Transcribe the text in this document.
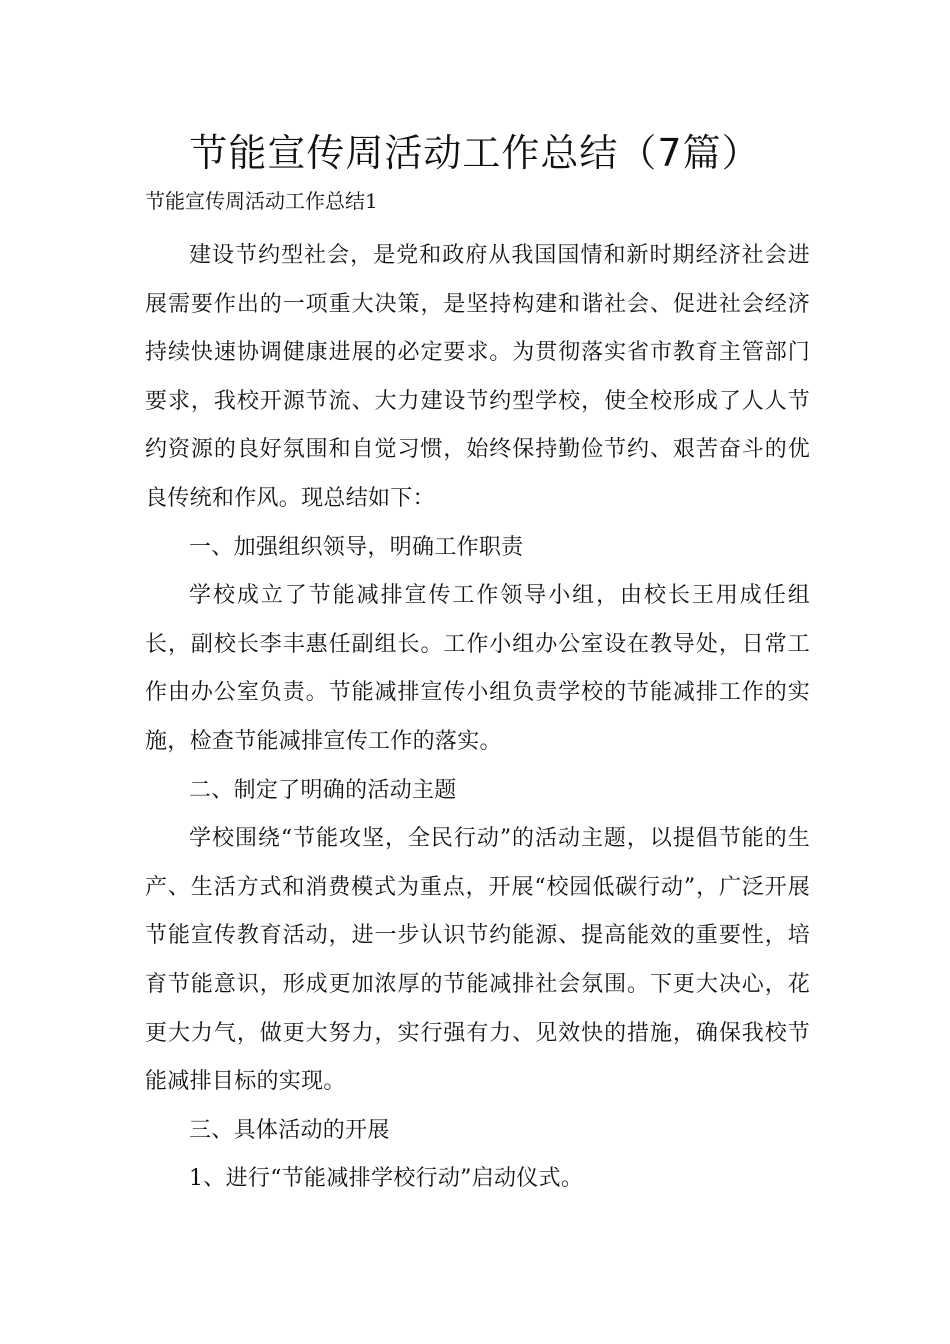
节能宣传周活动工作总结（7篇）

节能宣传周活动工作总结1

建设节约型社会，是党和政府从我国国情和新时期经济社会进展需要作出的一项重大决策，是坚持构建和谐社会、促进社会经济持续快速协调健康进展的必定要求。为贯彻落实省市教育主管部门要求，我校开源节流、大力建设节约型学校，使全校形成了人人节约资源的良好氛围和自觉习惯，始终保持勤俭节约、艰苦奋斗的优良传统和作风。现总结如下：

一、加强组织领导，明确工作职责

学校成立了节能减排宣传工作领导小组，由校长王用成任组长，副校长李丰惠任副组长。工作小组办公室设在教导处，日常工作由办公室负责。节能减排宣传小组负责学校的节能减排工作的实施，检查节能减排宣传工作的落实。

二、制定了明确的活动主题

学校围绕“节能攻坚，全民行动”的活动主题，以提倡节能的生产、生活方式和消费模式为重点，开展“校园低碳行动”，广泛开展节能宣传教育活动，进一步认识节约能源、提高能效的重要性，培育节能意识，形成更加浓厚的节能减排社会氛围。下更大决心，花更大力气，做更大努力，实行强有力、见效快的措施，确保我校节能减排目标的实现。

三、具体活动的开展

1、进行“节能减排学校行动”启动仪式。
